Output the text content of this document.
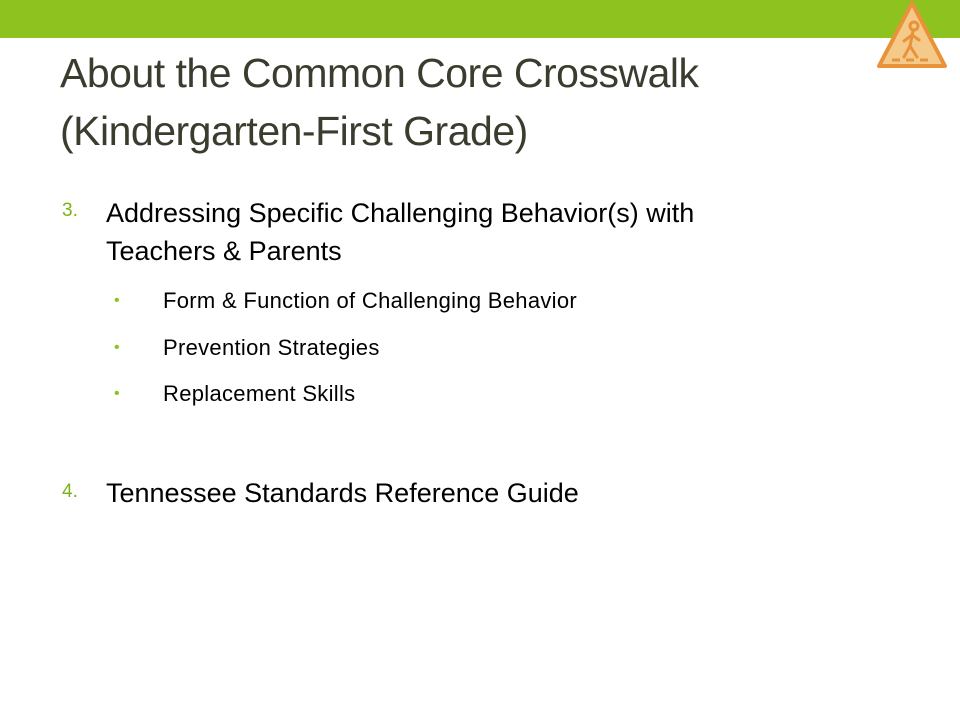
About the Common Core Crosswalk
(Kindergarten-First Grade)
3. Addressing Specific Challenging Behavior(s) with
Teachers & Parents
• Form & Function of Challenging Behavior
• Prevention Strategies
• Replacement Skills
4. Tennessee Standards Reference Guide
